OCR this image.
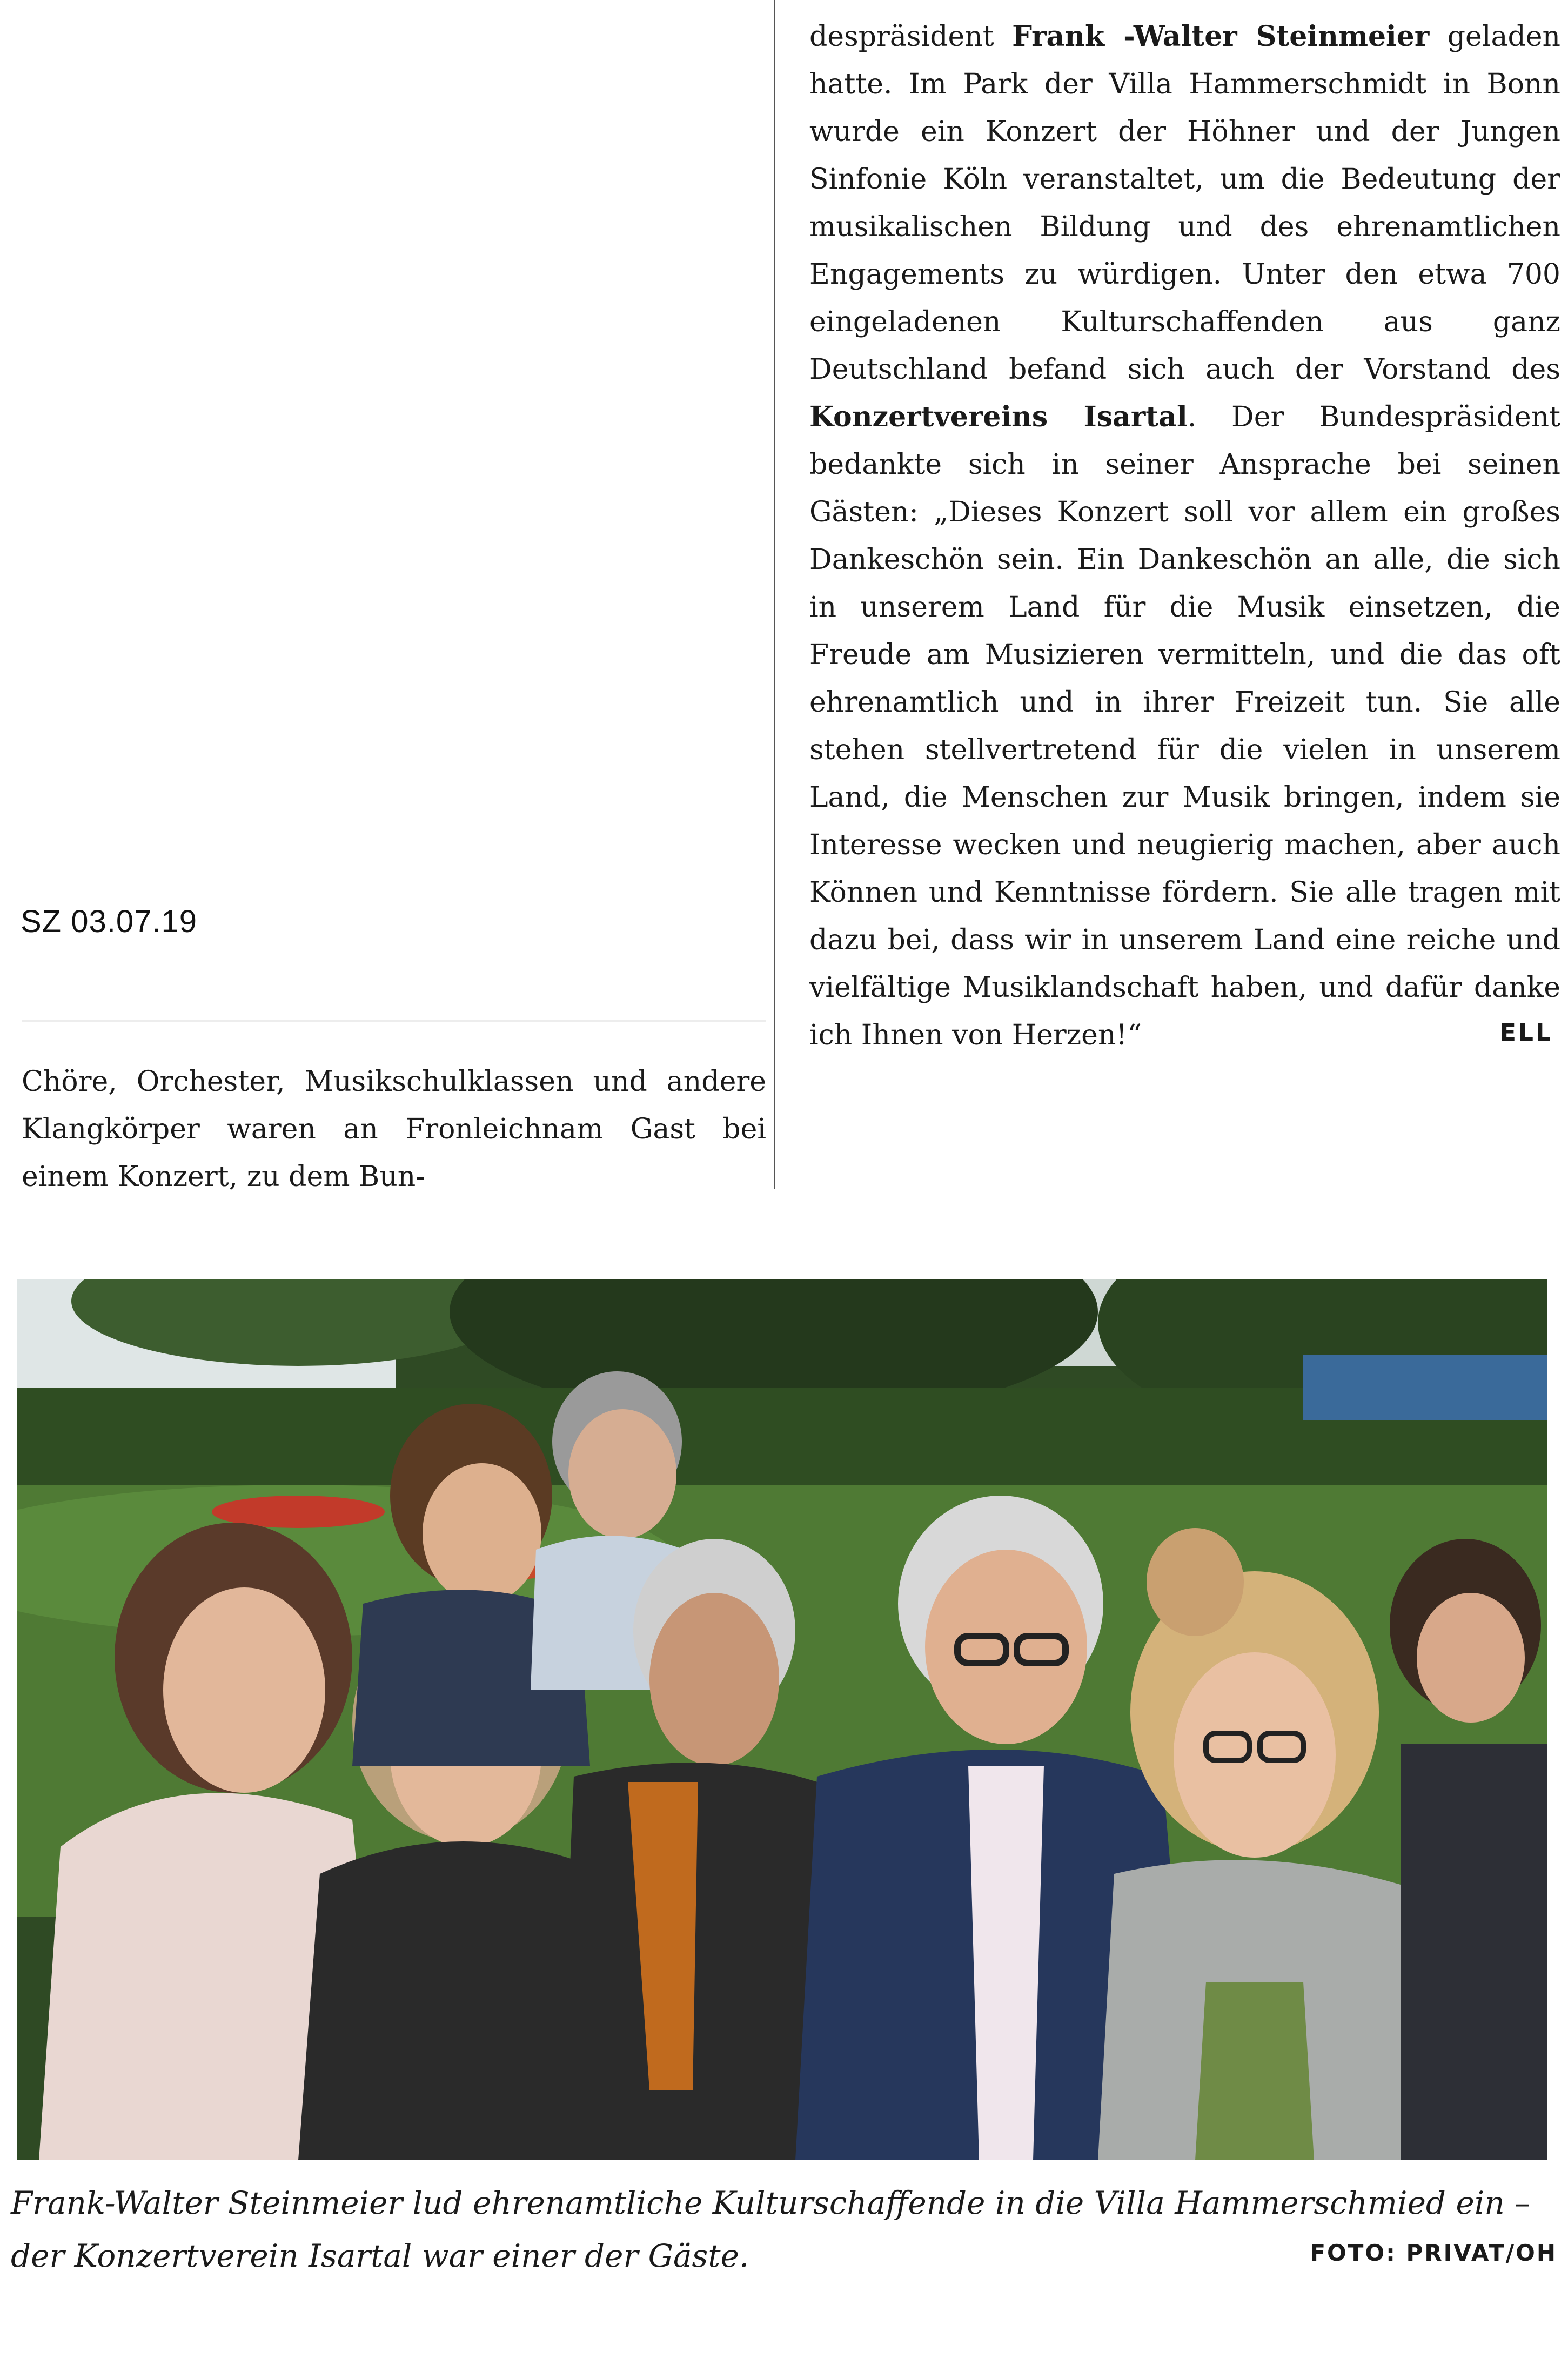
SZ 03.07.19
Chöre, Orchester, Musikschulklassen und andere Klangkörper waren an Fronleichnam Gast bei einem Konzert, zu dem Bun-
despräsident Frank -Walter Steinmeier geladen hatte. Im Park der Villa Hammerschmidt in Bonn wurde ein Konzert der Höhner und der Jungen Sinfonie Köln veranstaltet, um die Bedeutung der musikalischen Bildung und des ehrenamtlichen Engagements zu würdigen. Unter den etwa 700 eingeladenen Kulturschaffenden aus ganz Deutschland befand sich auch der Vorstand des Konzertvereins Isartal. Der Bundespräsident bedankte sich in seiner Ansprache bei seinen Gästen: „Dieses Konzert soll vor allem ein großes Dankeschön sein. Ein Dankeschön an alle, die sich in unserem Land für die Musik einsetzen, die Freude am Musizieren vermitteln, und die das oft ehrenamtlich und in ihrer Freizeit tun. Sie alle stehen stellvertretend für die vielen in unserem Land, die Menschen zur Musik bringen, indem sie Interesse wecken und neugierig machen, aber auch Können und Kenntnisse fördern. Sie alle tragen mit dazu bei, dass wir in unserem Land eine reiche und vielfältige Musiklandschaft haben, und dafür danke ich Ihnen von Herzen!“	ELL
Frank-Walter Steinmeier lud ehrenamtliche Kulturschaffende in die Villa Hammerschmied ein – der Konzertverein Isartal war einer der Gäste.	FOTO: PRIVAT/OH
